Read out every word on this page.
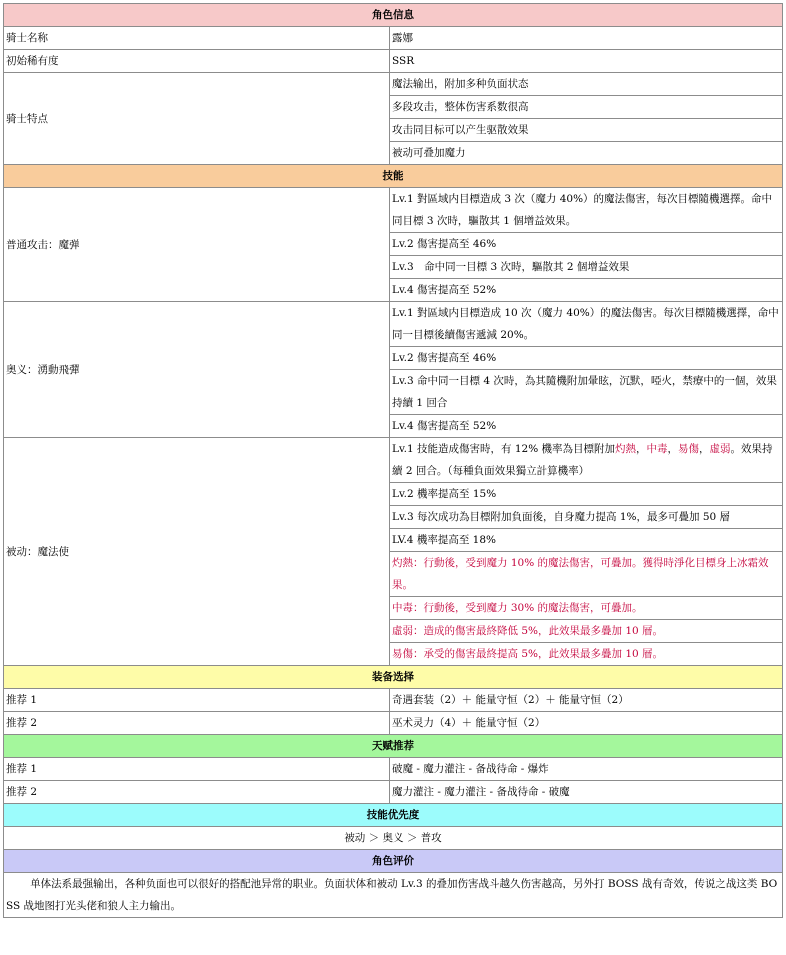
角色信息	
骑士名称	露娜
初始稀有度	SSR
骑士特点	魔法输出，附加多种负面状态
	多段攻击，整体伤害系数很高
	攻击同目标可以产生驱散效果
	被动可叠加魔力
技能	
普通攻击：魔弹	Lv.1 對區域内目標造成 3 次（魔力 40%）的魔法傷害，每次目標隨機選擇。命中同目標 3 次時，驅散其 1 個增益效果。
	Lv.2 傷害提高至 46%
	Lv.3　命中同一目標 3 次時，驅散其 2 個增益效果
	Lv.4 傷害提高至 52%
奥义：湧動飛彈	Lv.1 對區域内目標造成 10 次（魔力 40%）的魔法傷害。每次目標隨機選擇，命中同一目標後續傷害遞減 20%。
	Lv.2 傷害提高至 46%
	Lv.3 命中同一目標 4 次時，為其隨機附加暈眩，沉默，啞火，禁療中的一個，效果持續 1 回合
	Lv.4 傷害提高至 52%
被动：魔法使	Lv.1 技能造成傷害時，有 12% 機率為目標附加灼熱，中毒，易傷，虛弱。效果持續 2 回合。（每種負面效果獨立計算機率）
	Lv.2 機率提高至 15%
	Lv.3 每次成功為目標附加負面後，自身魔力提高 1%，最多可疊加 50 層
	LV.4 機率提高至 18%
	灼熱：行動後，受到魔力 10% 的魔法傷害，可疊加。獲得時淨化目標身上冰霜效果。
	中毒：行動後，受到魔力 30% 的魔法傷害，可疊加。
	虛弱：造成的傷害最終降低 5%，此效果最多疊加 10 層。
	易傷：承受的傷害最終提高 5%，此效果最多疊加 10 層。
装备选择	
推荐 1	奇遇套装（2）＋ 能量守恒（2）＋ 能量守恒（2）
推荐 2	巫术灵力（4）＋ 能量守恒（2）
天赋推荐	
推荐 1	破魔 - 魔力灌注 - 备战待命 - 爆炸
推荐 2	魔力灌注 - 魔力灌注 - 备战待命 - 破魔
技能优先度	
被动 ＞ 奥义 ＞ 普攻	
角色评价	
单体法系最强输出，各种负面也可以很好的搭配池异常的职业。负面状体和被动 Lv.3 的叠加伤害战斗越久伤害越高，另外打 BOSS 战有奇效，传说之战这类 BOSS 战地图打光头佬和狼人主力输出。	
